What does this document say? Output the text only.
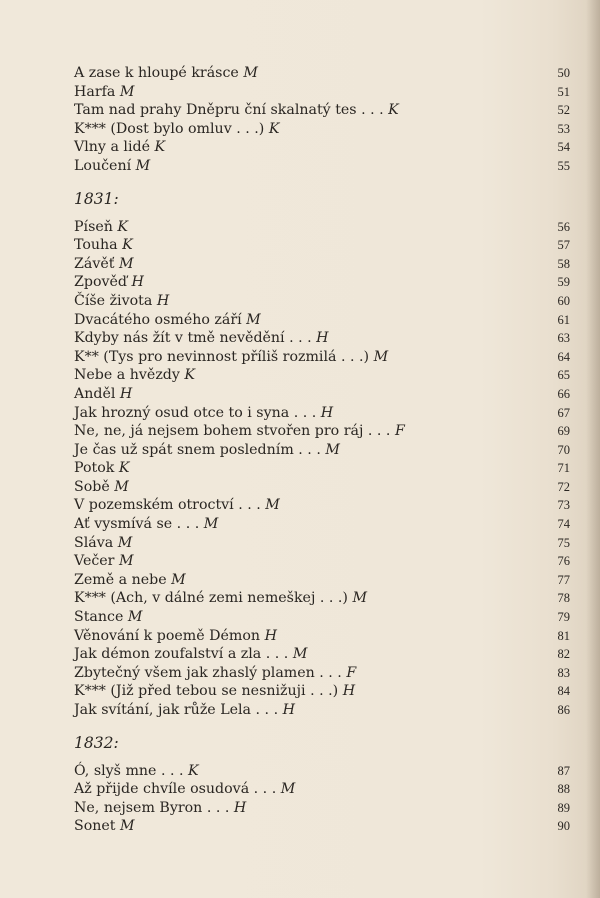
A zase k hloupé krásce M	50
Harfa M	51
Tam nad prahy Dněpru ční skalnatý tes . . . K	52
K*** (Dost bylo omluv . . .) K	53
Vlny a lidé K	54
Loučení M	55
1831:
Píseň K	56
Touha K	57
Závěť M	58
Zpověď H	59
Číše života H	60
Dvacátého osmého září M	61
Kdyby nás žít v tmě nevědění . . . H	63
K** (Tys pro nevinnost příliš rozmilá . . .) M	64
Nebe a hvězdy K	65
Anděl H	66
Jak hrozný osud otce to i syna . . . H	67
Ne, ne, já nejsem bohem stvořen pro ráj . . . F	69
Je čas už spát snem posledním . . . M	70
Potok K	71
Sobě M	72
V pozemském otroctví . . . M	73
Ať vysmívá se . . . M	74
Sláva M	75
Večer M	76
Země a nebe M	77
K*** (Ach, v dálné zemi nemeškej . . .) M	78
Stance M	79
Věnování k poemě Démon H	81
Jak démon zoufalství a zla . . . M	82
Zbytečný všem jak zhaslý plamen . . . F	83
K*** (Již před tebou se nesnižuji . . .) H	84
Jak svítání, jak růže Lela . . . H	86
1832:
Ó, slyš mne . . . K	87
Až přijde chvíle osudová . . . M	88
Ne, nejsem Byron . . . H	89
Sonet M	90
